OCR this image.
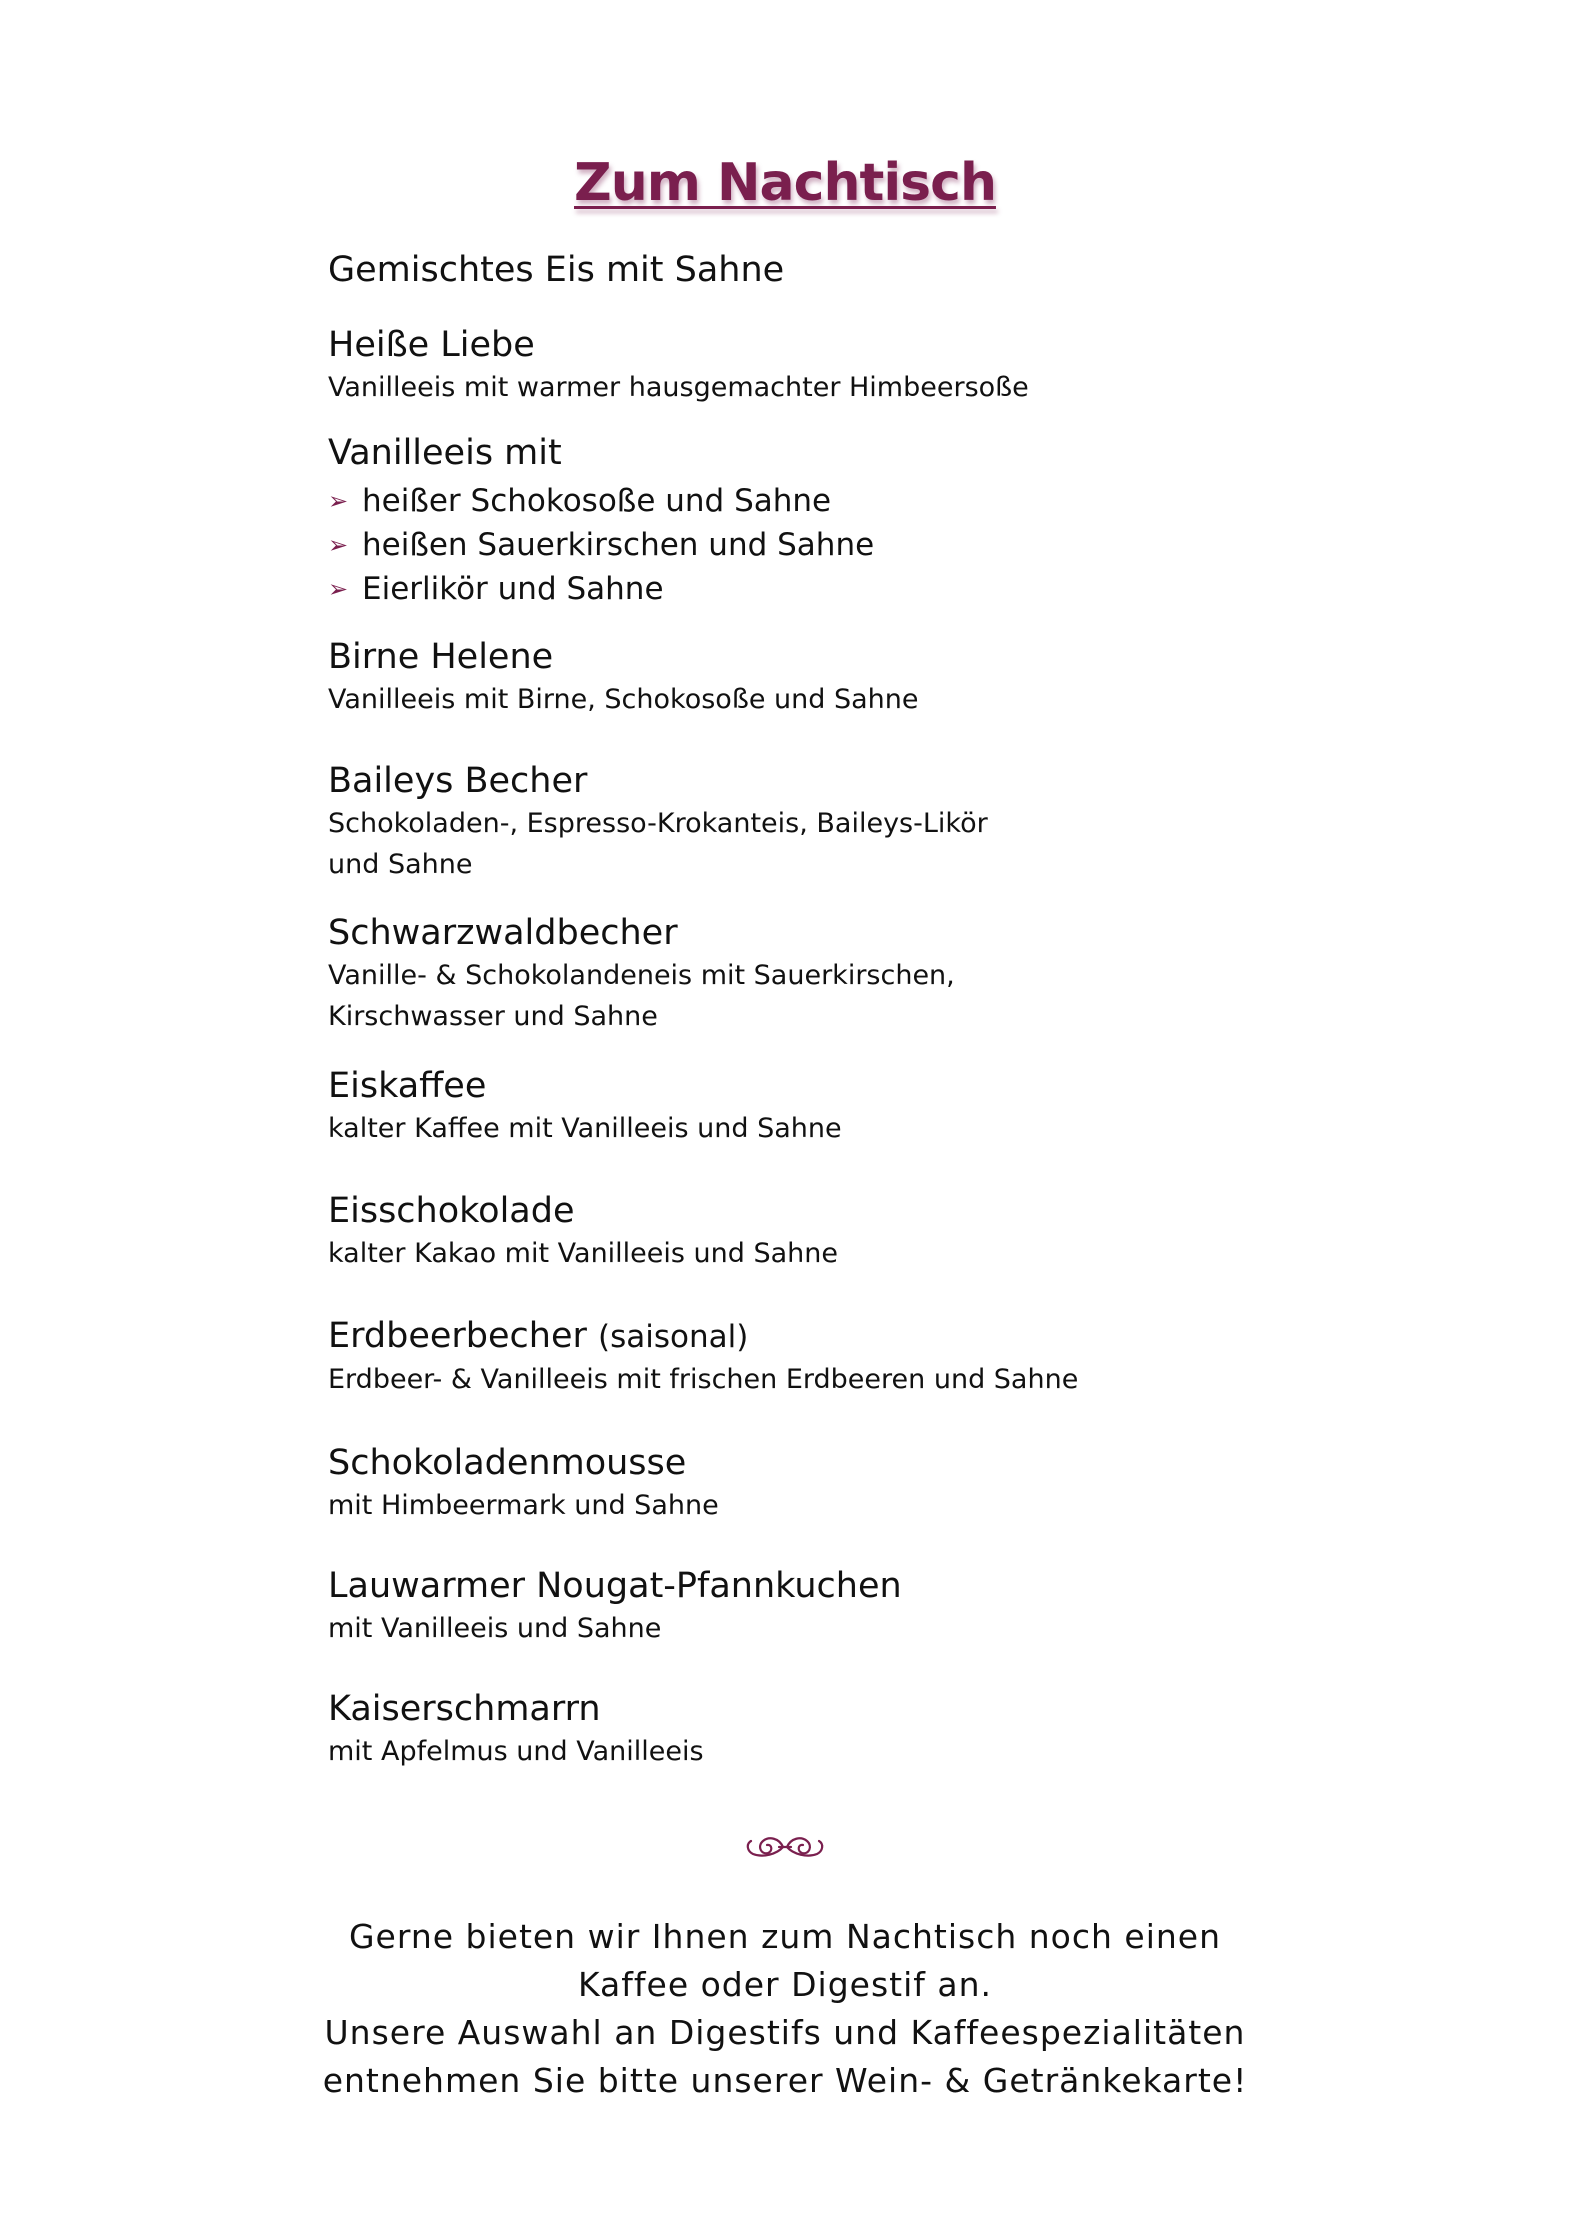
Zum Nachtisch
Gemischtes Eis mit Sahne
Heiße Liebe
Vanilleeis mit warmer hausgemachter Himbeersoße
Vanilleeis mit
➢ heißer Schokosoße und Sahne
➢ heißen Sauerkirschen und Sahne
➢ Eierlikör und Sahne
Birne Helene
Vanilleeis mit Birne, Schokosoße und Sahne
Baileys Becher
Schokoladen-, Espresso-Krokanteis, Baileys-Likör
und Sahne
Schwarzwaldbecher
Vanille- & Schokolandeneis mit Sauerkirschen,
Kirschwasser und Sahne
Eiskaffee
kalter Kaffee mit Vanilleeis und Sahne
Eisschokolade
kalter Kakao mit Vanilleeis und Sahne
Erdbeerbecher (saisonal)
Erdbeer- & Vanilleeis mit frischen Erdbeeren und Sahne
Schokoladenmousse
mit Himbeermark und Sahne
Lauwarmer Nougat-Pfannkuchen
mit Vanilleeis und Sahne
Kaiserschmarrn
mit Apfelmus und Vanilleeis

Gerne bieten wir Ihnen zum Nachtisch noch einen

Kaffee oder Digestif an.

Unsere Auswahl an Digestifs und Kaffeespezialitäten

entnehmen Sie bitte unserer Wein- & Getränkekarte!
